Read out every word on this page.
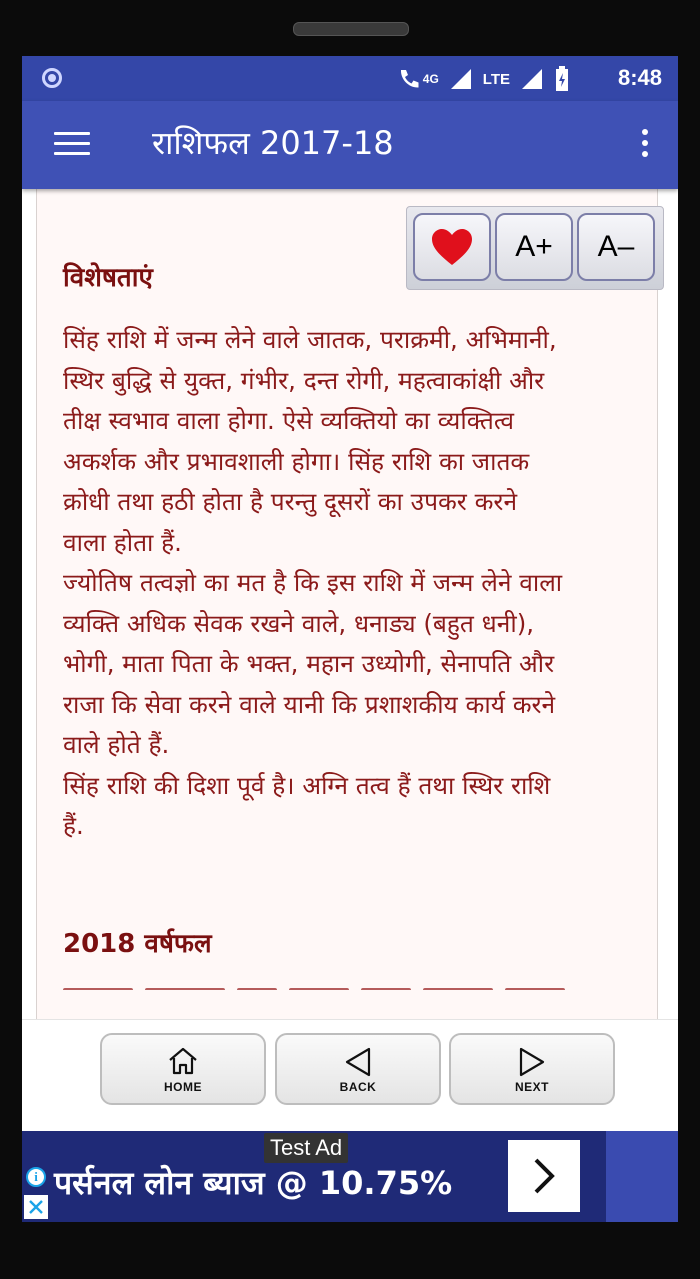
4G	LTE	8:48
राशिफल 2017-18
विशेषताएं
सिंह राशि में जन्म लेने वाले जातक, पराक्रमी, अभिमानी,
स्थिर बुद्धि से युक्त, गंभीर, दन्त रोगी, महत्वाकांक्षी और
तीक्ष स्वभाव वाला होगा. ऐसे व्यक्तियो का व्यक्तित्व
अकर्शक और प्रभावशाली होगा। सिंह राशि का जातक
क्रोधी तथा हठी होता है परन्तु दूसरों का उपकर करने
वाला होता हैं.
ज्योतिष तत्वज्ञो का मत है कि इस राशि में जन्म लेने वाला
व्यक्ति अधिक सेवक रखने वाले, धनाड्य (बहुत धनी),
भोगी, माता पिता के भक्त, महान उध्योगी, सेनापति और
राजा कि सेवा करने वाले यानी कि प्रशाशकीय कार्य करने
वाले होते हैं.
सिंह राशि की दिशा पूर्व है। अग्नि तत्व हैं तथा स्थिर राशि
हैं.
2018 वर्षफल
A+ A–
HOME	BACK	NEXT
पर्सनल लोन ब्याज @ 10.75%
Test Ad
i
